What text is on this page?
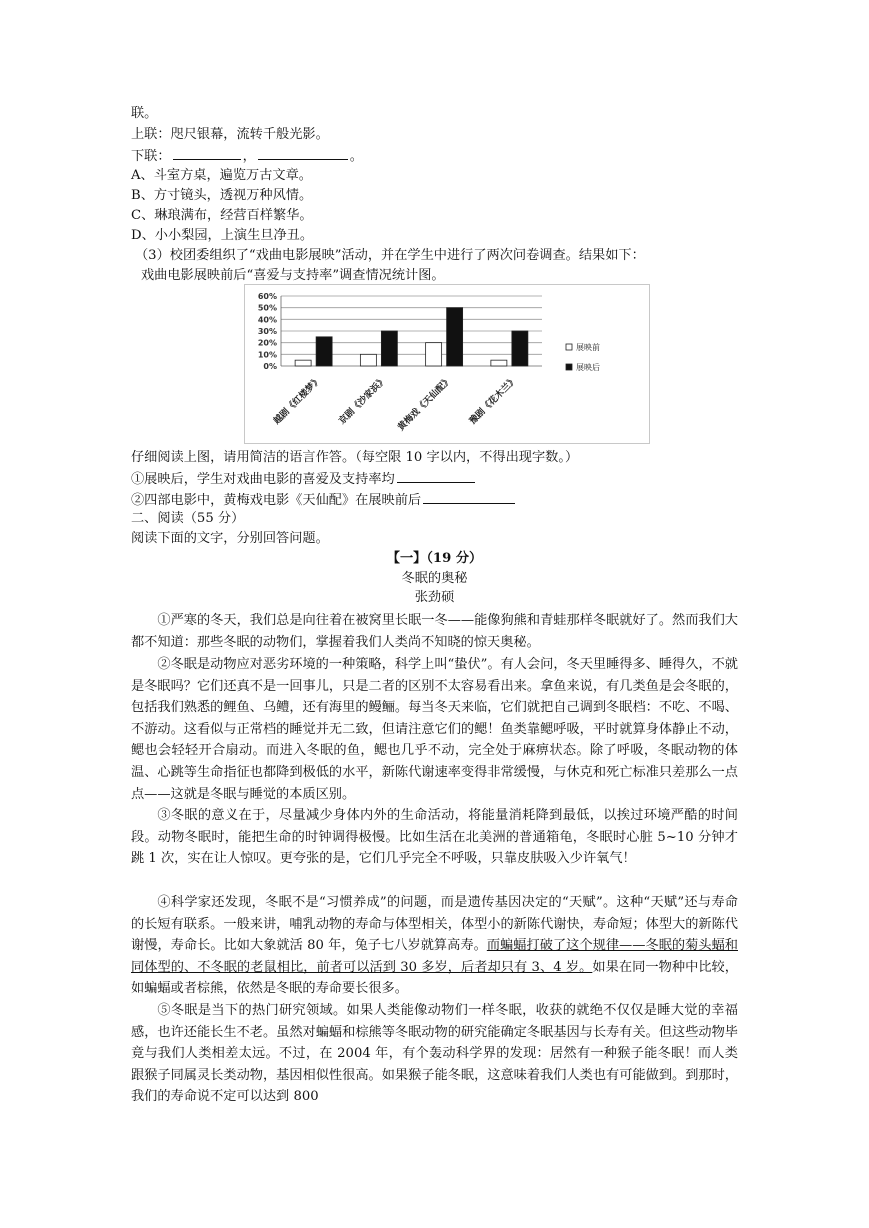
联。
上联：咫尺银幕，流转千般光影。
下联：	，	。
A、斗室方桌，遍览万古文章。
B、方寸镜头，透视万种风情。
C、琳琅满布，经营百样繁华。
D、小小梨园，上演生旦净丑。
（3）校团委组织了“戏曲电影展映”活动，并在学生中进行了两次问卷调查。结果如下：
戏曲电影展映前后“喜爱与支持率”调查情况统计图。
0%
10%
20%
30%
40%
50%
60%
越剧《红楼梦》 京剧《沙家浜》 黄梅戏《天仙配》 豫剧《花木兰》
展映前
展映后
仔细阅读上图，请用简洁的语言作答。（每空限 10 字以内，不得出现字数。）
①展映后，学生对戏曲电影的喜爱及支持率均
②四部电影中，黄梅戏电影《天仙配》在展映前后
二、阅读（55 分）
阅读下面的文字，分别回答问题。
【一】（19 分）
冬眠的奥秘
张劲硕
①严寒的冬天，我们总是向往着在被窝里长眠一冬——能像狗熊和青蛙那样冬眠就好了。然而我们大都不知道：那些冬眠的动物们，掌握着我们人类尚不知晓的惊天奥秘。
②冬眠是动物应对恶劣环境的一种策略，科学上叫“蛰伏”。有人会问，冬天里睡得多、睡得久，不就是冬眠吗？它们还真不是一回事儿，只是二者的区别不太容易看出来。拿鱼来说，有几类鱼是会冬眠的，包括我们熟悉的鲤鱼、乌鳢，还有海里的鳗鲡。每当冬天来临，它们就把自己调到冬眠档：不吃、不喝、不游动。这看似与正常档的睡觉并无二致，但请注意它们的鳃！鱼类靠鳃呼吸，平时就算身体静止不动，鳃也会轻轻开合扇动。而进入冬眠的鱼，鳃也几乎不动，完全处于麻痹状态。除了呼吸，冬眠动物的体温、心跳等生命指征也都降到极低的水平，新陈代谢速率变得非常缓慢，与休克和死亡标准只差那么一点点——这就是冬眠与睡觉的本质区别。
③冬眠的意义在于，尽量减少身体内外的生命活动，将能量消耗降到最低，以挨过环境严酷的时间段。动物冬眠时，能把生命的时钟调得极慢。比如生活在北美洲的普通箱龟，冬眠时心脏 5~10 分钟才跳 1 次，实在让人惊叹。更夸张的是，它们几乎完全不呼吸，只靠皮肤吸入少许氧气！
④科学家还发现，冬眠不是“习惯养成”的问题，而是遗传基因决定的“天赋”。这种“天赋”还与寿命的长短有联系。一般来讲，哺乳动物的寿命与体型相关，体型小的新陈代谢快，寿命短；体型大的新陈代谢慢，寿命长。比如大象就活 80 年，兔子七八岁就算高寿。而蝙蝠打破了这个规律——冬眠的菊头蝠和同体型的、不冬眠的老鼠相比，前者可以活到 30 多岁，后者却只有 3、4 岁。如果在同一物种中比较，如蝙蝠或者棕熊，依然是冬眠的寿命要长很多。
⑤冬眠是当下的热门研究领域。如果人类能像动物们一样冬眠，收获的就绝不仅仅是睡大觉的幸福感，也许还能长生不老。虽然对蝙蝠和棕熊等冬眠动物的研究能确定冬眠基因与长寿有关。但这些动物毕竟与我们人类相差太远。不过，在 2004 年，有个轰动科学界的发现：居然有一种猴子能冬眠！而人类跟猴子同属灵长类动物，基因相似性很高。如果猴子能冬眠，这意味着我们人类也有可能做到。到那时，我们的寿命说不定可以达到 800
